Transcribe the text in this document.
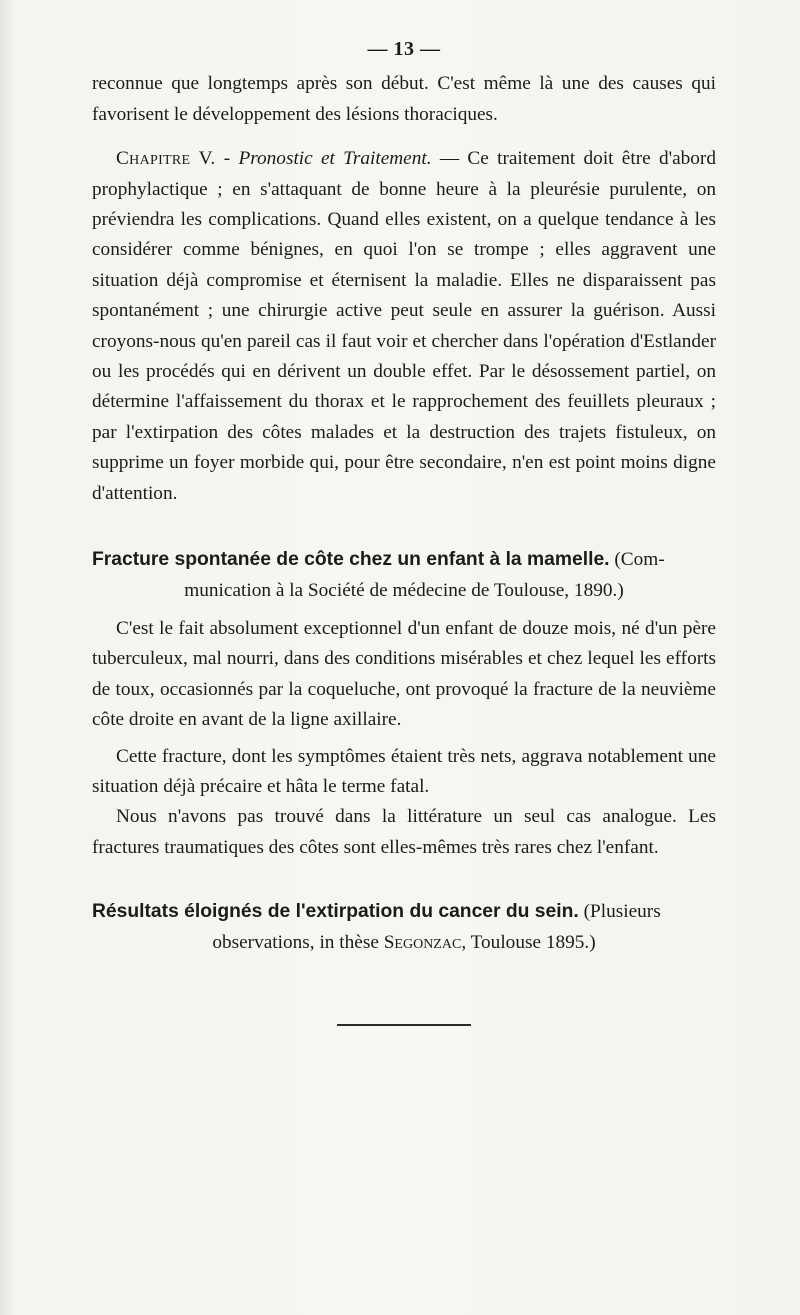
— 13 —

reconnue que longtemps après son début. C'est même là une des causes qui favorisent le développement des lésions thoraciques.

Chapitre V. - Pronostic et Traitement. — Ce traitement doit être d'abord prophylactique ; en s'attaquant de bonne heure à la pleurésie purulente, on préviendra les complications. Quand elles existent, on a quelque tendance à les considérer comme bénignes, en quoi l'on se trompe ; elles aggravent une situation déjà compromise et éternisent la maladie. Elles ne disparaissent pas spontanément ; une chirurgie active peut seule en assurer la guérison. Aussi croyons-nous qu'en pareil cas il faut voir et chercher dans l'opération d'Estlander ou les procédés qui en dérivent un double effet. Par le désossement partiel, on détermine l'affaissement du thorax et le rapprochement des feuillets pleuraux ; par l'extirpation des côtes malades et la destruction des trajets fistuleux, on supprime un foyer morbide qui, pour être secondaire, n'en est point moins digne d'attention.

Fracture spontanée de côte chez un enfant à la mamelle. (Com-
munication à la Société de médecine de Toulouse, 1890.)

C'est le fait absolument exceptionnel d'un enfant de douze mois, né d'un père tuberculeux, mal nourri, dans des conditions misérables et chez lequel les efforts de toux, occasionnés par la coqueluche, ont provoqué la fracture de la neuvième côte droite en avant de la ligne axillaire.

Cette fracture, dont les symptômes étaient très nets, aggrava notablement une situation déjà précaire et hâta le terme fatal.

Nous n'avons pas trouvé dans la littérature un seul cas analogue. Les fractures traumatiques des côtes sont elles-mêmes très rares chez l'enfant.

Résultats éloignés de l'extirpation du cancer du sein. (Plusieurs
observations, in thèse Segonzac, Toulouse 1895.)
